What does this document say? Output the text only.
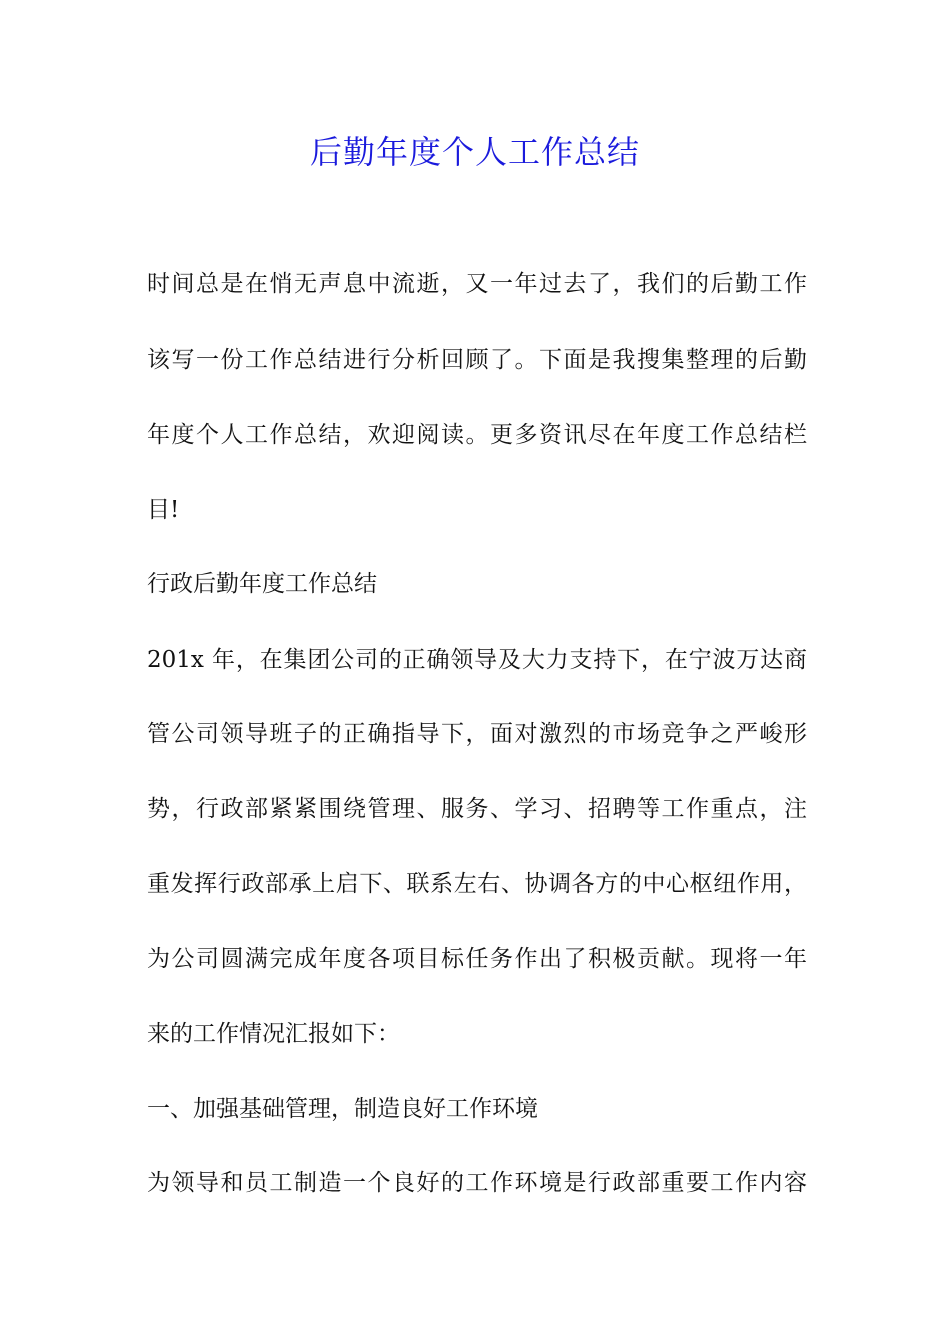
后勤年度个人工作总结
时间总是在悄无声息中流逝，又一年过去了，我们的后勤工作
该写一份工作总结进行分析回顾了。下面是我搜集整理的后勤
年度个人工作总结，欢迎阅读。更多资讯尽在年度工作总结栏
目!
行政后勤年度工作总结
201x 年，在集团公司的正确领导及大力支持下，在宁波万达商
管公司领导班子的正确指导下，面对激烈的市场竞争之严峻形
势，行政部紧紧围绕管理、服务、学习、招聘等工作重点，注
重发挥行政部承上启下、联系左右、协调各方的中心枢纽作用，
为公司圆满完成年度各项目标任务作出了积极贡献。现将一年
来的工作情况汇报如下：
一、加强基础管理，制造良好工作环境
为领导和员工制造一个良好的工作环境是行政部重要工作内容
